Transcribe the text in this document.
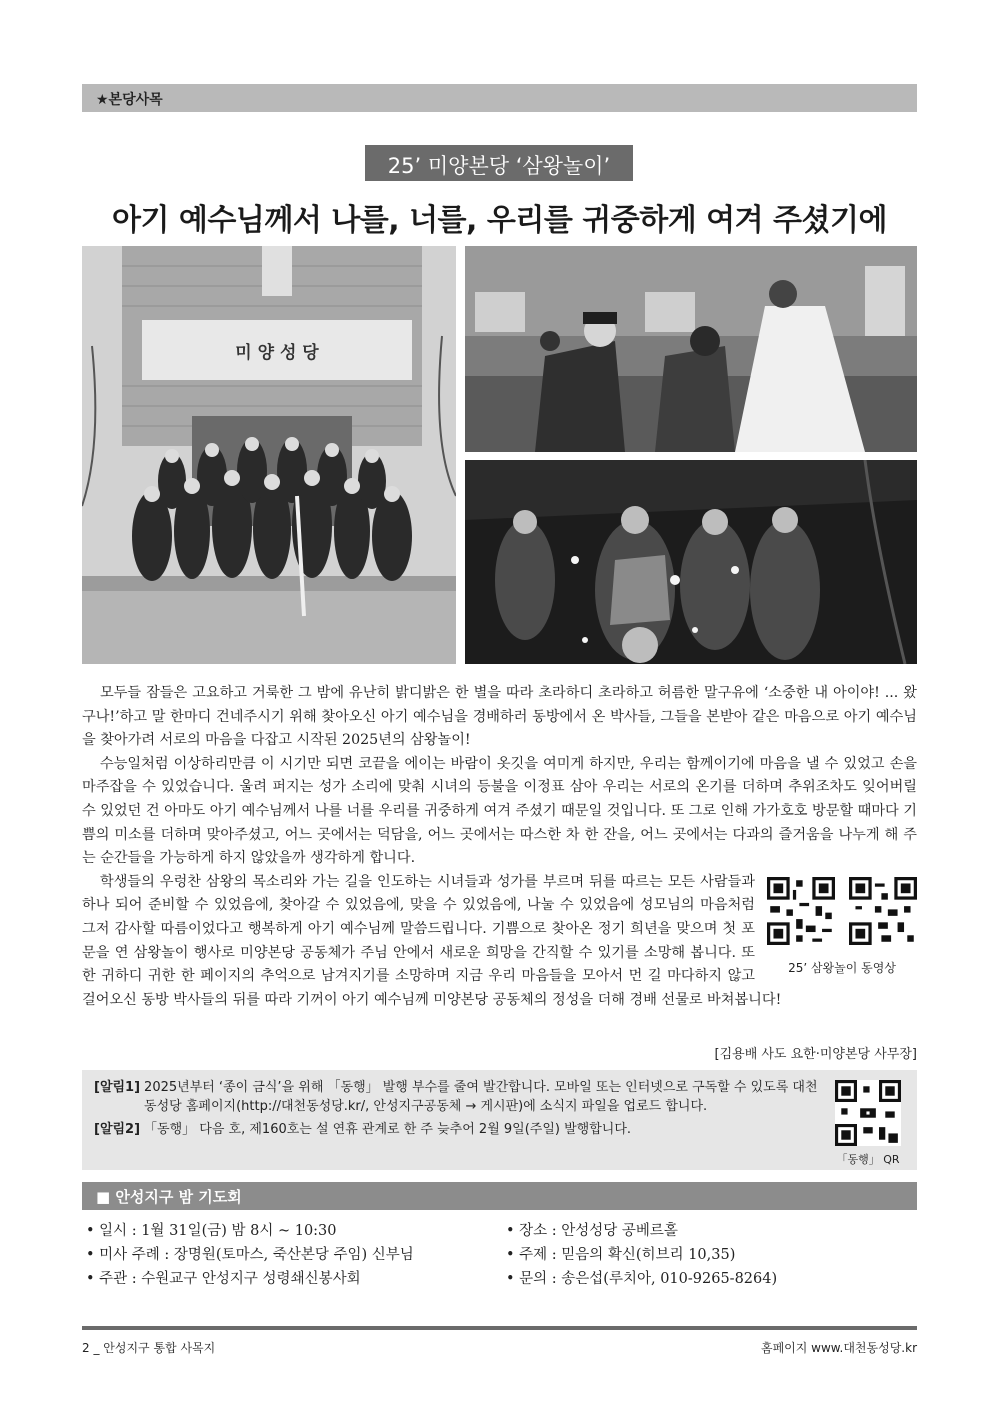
★본당사목
25’ 미양본당 ‘삼왕놀이’
아기 예수님께서 나를, 너를, 우리를 귀중하게 여겨 주셨기에
미 양 성 당

모두들 잠들은 고요하고 거룩한 그 밤에 유난히 밝디밝은 한 별을 따라 초라하디 초라하고 허름한 말구유에 ‘소중한 내 아이야! ... 왔구나!’하고 말 한마디 건네주시기 위해 찾아오신 아기 예수님을 경배하러 동방에서 온 박사들, 그들을 본받아 같은 마음으로 아기 예수님을 찾아가려 서로의 마음을 다잡고 시작된 2025년의 삼왕놀이!

수능일처럼 이상하리만큼 이 시기만 되면 코끝을 에이는 바람이 옷깃을 여미게 하지만, 우리는 함께이기에 마음을 낼 수 있었고 손을 마주잡을 수 있었습니다. 울려 퍼지는 성가 소리에 맞춰 시녀의 등불을 이정표 삼아 우리는 서로의 온기를 더하며 추위조차도 잊어버릴 수 있었던 건 아마도 아기 예수님께서 나를 너를 우리를 귀중하게 여겨 주셨기 때문일 것입니다. 또 그로 인해 가가호호 방문할 때마다 기쁨의 미소를 더하며 맞아주셨고, 어느 곳에서는 덕담을, 어느 곳에서는 따스한 차 한 잔을, 어느 곳에서는 다과의 즐거움을 나누게 해 주는 순간들을 가능하게 하지 않았을까 생각하게 합니다.

25’ 삼왕놀이 동영상

학생들의 우렁찬 삼왕의 목소리와 가는 길을 인도하는 시녀들과 성가를 부르며 뒤를 따르는 모든 사람들과 하나 되어 준비할 수 있었음에, 찾아갈 수 있었음에, 맞을 수 있었음에, 나눌 수 있었음에 성모님의 마음처럼 그저 감사할 따름이었다고 행복하게 아기 예수님께 말씀드립니다. 기쁨으로 찾아온 정기 희년을 맞으며 첫 포문을 연 삼왕놀이 행사로 미양본당 공동체가 주님 안에서 새로운 희망을 간직할 수 있기를 소망해 봅니다. 또한 귀하디 귀한 한 페이지의 추억으로 남겨지기를 소망하며 지금 우리 마음들을 모아서 먼 길 마다하지 않고 걸어오신 동방 박사들의 뒤를 따라 기꺼이 아기 예수님께 미양본당 공동체의 정성을 더해 경배 선물로 바쳐봅니다!

[김용배 사도 요한·미양본당 사무장]
[알림1] 2025년부터 ‘종이 금식’을 위해 「동행」 발행 부수를 줄여 발간합니다. 모바일 또는 인터넷으로 구독할 수 있도록 대천동성당 홈페이지(http://대천동성당.kr/, 안성지구공동체 → 게시판)에 소식지 파일을 업로드 합니다.
[알림2] 「동행」 다음 호, 제160호는 설 연휴 관계로 한 주 늦추어 2월 9일(주일) 발행합니다.
「동행」 QR
■ 안성지구 밤 기도회
• 일시 : 1월 31일(금) 밤 8시 ~ 10:30	• 장소 : 안성성당 공베르홀
• 미사 주례 : 장명원(토마스, 죽산본당 주임) 신부님	• 주제 : 믿음의 확신(히브리 10,35)
• 주관 : 수원교구 안성지구 성령쇄신봉사회	• 문의 : 송은섭(루치아, 010-9265-8264)
2 _ 안성지구 통합 사목지	홈페이지 www.대천동성당.kr
